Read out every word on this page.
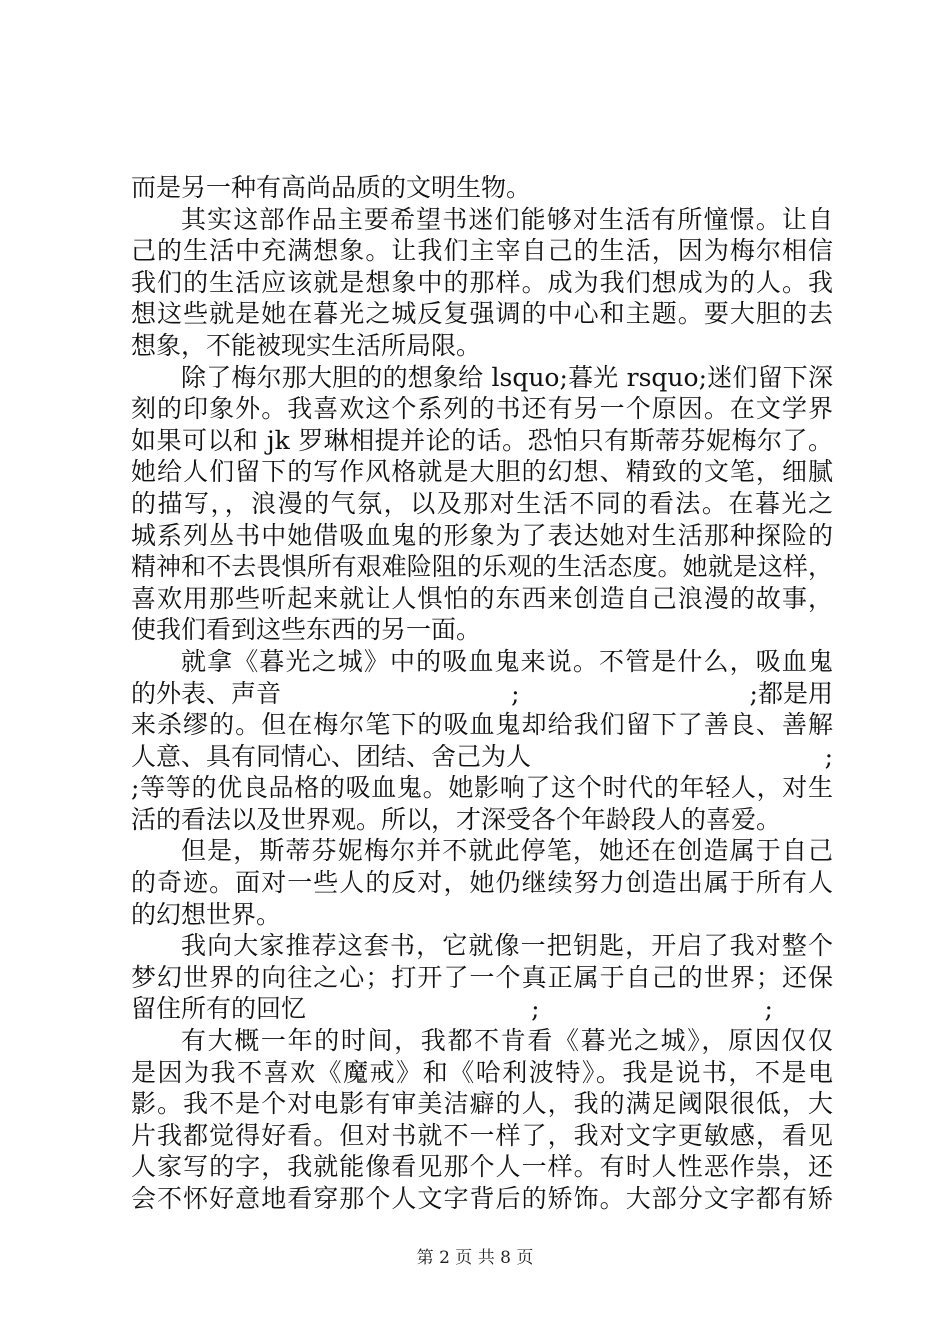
而是另一种有高尚品质的文明生物。
其实这部作品主要希望书迷们能够对生活有所憧憬。让自
己的生活中充满想象。让我们主宰自己的生活，因为梅尔相信
我们的生活应该就是想象中的那样。成为我们想成为的人。我
想这些就是她在暮光之城反复强调的中心和主题。要大胆的去
想象，不能被现实生活所局限。
除了梅尔那大胆的的想象给 lsquo;暮光 rsquo;迷们留下深
刻的印象外。我喜欢这个系列的书还有另一个原因。在文学界
如果可以和 jk 罗琳相提并论的话。恐怕只有斯蒂芬妮梅尔了。
她给人们留下的写作风格就是大胆的幻想、精致的文笔，细腻
的描写，，浪漫的气氛，以及那对生活不同的看法。在暮光之
城系列丛书中她借吸血鬼的形象为了表达她对生活那种探险的
精神和不去畏惧所有艰难险阻的乐观的生活态度。她就是这样，
喜欢用那些听起来就让人惧怕的东西来创造自己浪漫的故事，
使我们看到这些东西的另一面。
就拿《暮光之城》中的吸血鬼来说。不管是什么，吸血鬼
的外表、声音	;	;都是用
来杀缪的。但在梅尔笔下的吸血鬼却给我们留下了善良、善解
人意、具有同情心、团结、舍己为人	;
;等等的优良品格的吸血鬼。她影响了这个时代的年轻人，对生
活的看法以及世界观。所以，才深受各个年龄段人的喜爱。
但是，斯蒂芬妮梅尔并不就此停笔，她还在创造属于自己
的奇迹。面对一些人的反对，她仍继续努力创造出属于所有人
的幻想世界。
我向大家推荐这套书，它就像一把钥匙，开启了我对整个
梦幻世界的向往之心；打开了一个真正属于自己的世界；还保
留住所有的回忆	;	;
有大概一年的时间，我都不肯看《暮光之城》，原因仅仅
是因为我不喜欢《魔戒》和《哈利波特》。我是说书，不是电
影。我不是个对电影有审美洁癖的人，我的满足阈限很低，大
片我都觉得好看。但对书就不一样了，我对文字更敏感，看见
人家写的字，我就能像看见那个人一样。有时人性恶作祟，还
会不怀好意地看穿那个人文字背后的矫饰。大部分文字都有矫
第 2 页 共 8 页
